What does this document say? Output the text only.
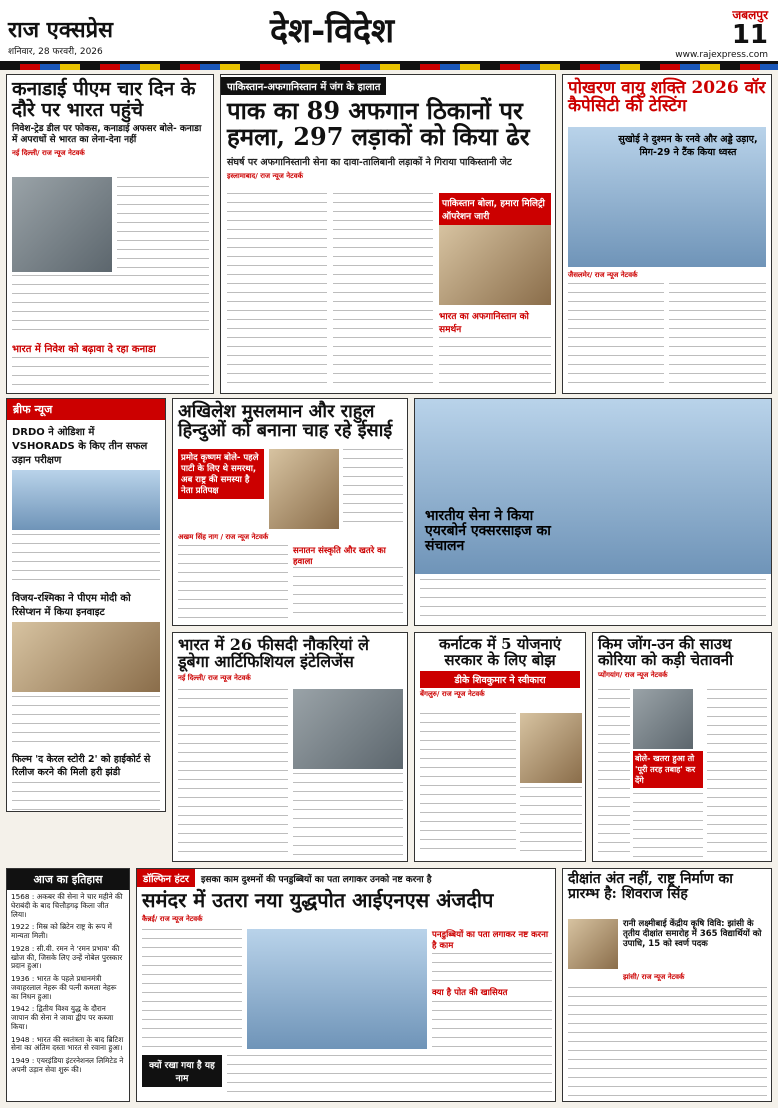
राज एक्सप्रेस
शनिवार, 28 फरवरी, 2026
देश-विदेश	जबलपुर
11
www.rajexpress.com
कनाडाई पीएम चार दिन के दौरे पर भारत पहुंचे
निवेश-ट्रेड डील पर फोकस, कनाडाई अफसर बोले- कनाडा में अपराधों से भारत का लेना-देना नहीं
नई दिल्ली/ राज न्यूज नेटवर्क
भारत में निवेश को बढ़ावा दे रहा कनाडा
पाकिस्तान-अफगानिस्तान में जंग के हालात
पाक का 89 अफगान ठिकानों पर हमला, 297 लड़ाकों को किया ढेर
संघर्ष पर अफगानिस्तानी सेना का दावा-तालिबानी लड़ाकों ने गिराया पाकिस्तानी जेट
इस्लामाबाद/ राज न्यूज नेटवर्क
पाकिस्तान बोला, हमारा मिलिट्री ऑपरेशन जारी
भारत का अफगानिस्तान को समर्थन
पोखरण वायु शक्ति 2026 वॉर कैपेसिटी की टेस्टिंग
सुखोई ने दुश्मन के रनवे और अड्डे उड़ाए, मिग-29 ने टैंक किया ध्वस्त
जैसलमेर/ राज न्यूज नेटवर्क
ब्रीफ न्यूज
DRDO ने ओडिशा में VSHORADS के किए तीन सफल उड़ान परीक्षण
विजय-रश्मिका ने पीएम मोदी को रिसेप्शन में किया इनवाइट
फिल्म 'द केरल स्टोरी 2' को हाईकोर्ट से रिलीज करने की मिली हरी झंडी
अखिलेश मुसलमान और राहुल हिन्दुओं को बनाना चाह रहे ईसाई
प्रमोद कृष्णम बोले- पहले पाटी के लिए थे समरथा, अब राष्ट्र की समस्या है नेता प्रतिपक्ष
अखम सिंह नाग / राज न्यूज नेटवर्क
सनातन संस्कृति और खतरे का हवाला
भारतीय सेना ने किया एयरबोर्न एक्सरसाइज का संचालन
भारत में 26 फीसदी नौकरियां ले डूबेगा आर्टिफिशियल इंटेलिजेंस
नई दिल्ली/ राज न्यूज नेटवर्क
कर्नाटक में 5 योजनाएं सरकार के लिए बोझ
डीके शिवकुमार ने स्वीकारा
बेंगलुरु/ राज न्यूज नेटवर्क
किम जोंग-उन की साउथ कोरिया को कड़ी चेतावनी
प्योंगयांग/ राज न्यूज नेटवर्क
बोले- खतरा हुआ तो 'पूरी तरह तबाह' कर देंगे
आज का इतिहास
1568 : अकबर की सेना ने चार महीने की घेराबंदी के बाद चित्तौड़गढ़ किला जीत लिया।
1922 : मिस्र को ब्रिटेन राष्ट्र के रूप में मान्यता मिली।
1928 : सी.वी. रमन ने 'रमन प्रभाव' की खोज की, जिसके लिए उन्हें नोबेल पुरस्कार प्रदान हुआ।
1936 : भारत के पहले प्रधानमंत्री जवाहरलाल नेहरू की पत्नी कमला नेहरू का निधन हुआ।
1942 : द्वितीय विश्व युद्ध के दौरान जापान की सेना ने जावा द्वीप पर कब्जा किया।
1948 : भारत की स्वतंत्रता के बाद ब्रिटिश सेना का अंतिम दस्ता भारत से रवाना हुआ।
1949 : एयरइंडिया इंटरनेशनल लिमिटेड ने अपनी उड़ान सेवा शुरू की।
डॉल्फिन हंटर	इसका काम दुश्मनों की पनडुब्बियों का पता लगाकर उनको नष्ट करना है
समंदर में उतरा नया युद्धपोत आईएनएस अंजदीप
कैन्नई/ राज न्यूज नेटवर्क
पनडुब्बियों का पता लगाकर नष्ट करना है काम
क्या है पोत की खासियत
क्यों रखा गया है यह नाम
दीक्षांत अंत नहीं, राष्ट्र निर्माण का प्रारम्भ है: शिवराज सिंह
रानी लक्ष्मीबाई केंद्रीय कृषि विवि: झांसी के तृतीय दीक्षांत समारोह में 365 विद्यार्थियों को उपाधि, 15 को स्वर्ण पदक
झांसी/ राज न्यूज नेटवर्क
